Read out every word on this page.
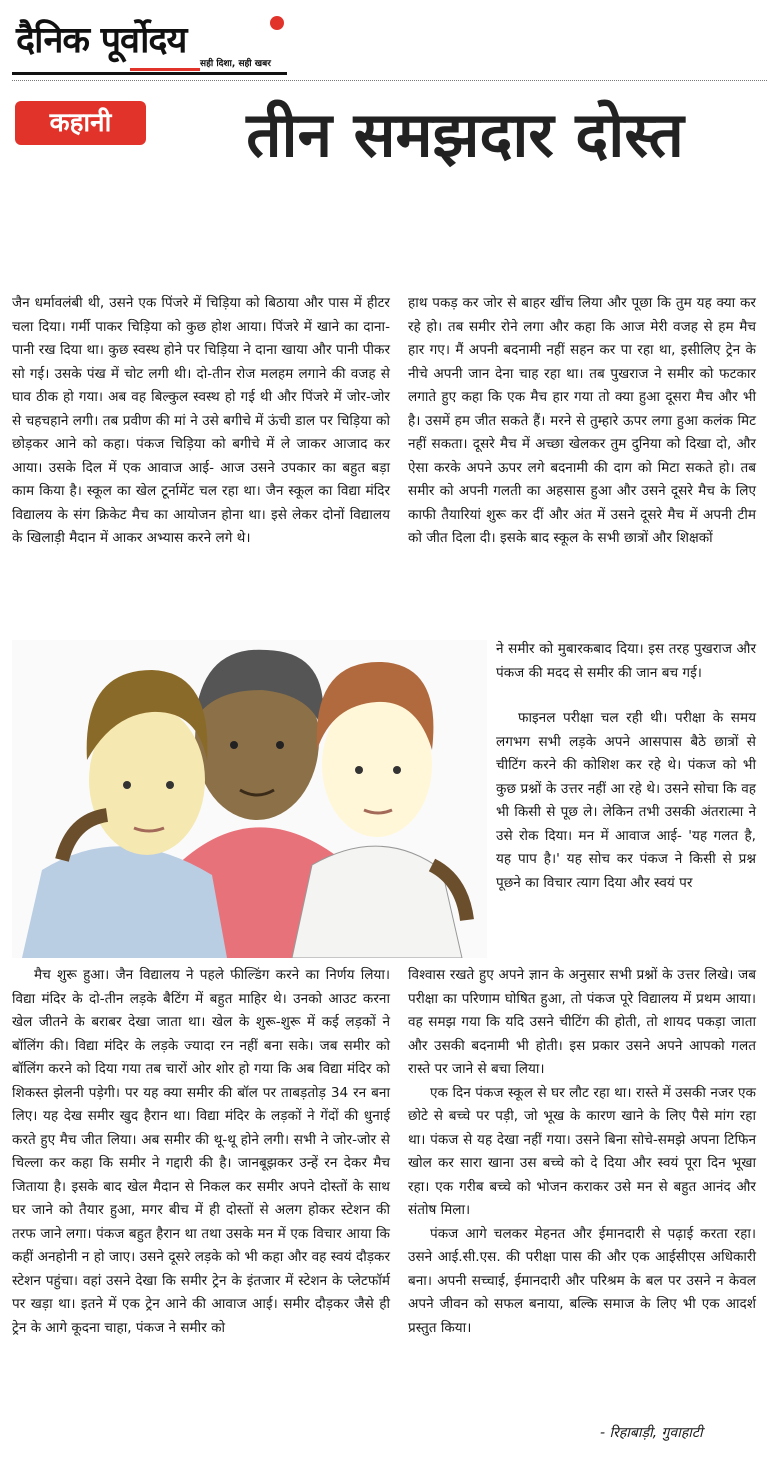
दैनिक पूर्वोदय
सही दिशा, सही खबर
कहानी	तीन समझदार दोस्त

जैन धर्मावलंबी थी, उसने एक पिंजरे में चिड़िया को बिठाया और पास में हीटर चला दिया। गर्मी पाकर चिड़िया को कुछ होश आया। पिंजरे में खाने का दाना-पानी रख दिया था। कुछ स्वस्थ होने पर चिड़िया ने दाना खाया और पानी पीकर सो गई। उसके पंख में चोट लगी थी। दो-तीन रोज मलहम लगाने की वजह से घाव ठीक हो गया। अब वह बिल्कुल स्वस्थ हो गई थी और पिंजरे में जोर-जोर से चहचहाने लगी। तब प्रवीण की मां ने उसे बगीचे में ऊंची डाल पर चिड़िया को छोड़कर आने को कहा। पंकज चिड़िया को बगीचे में ले जाकर आजाद कर आया। उसके दिल में एक आवाज आई- आज उसने उपकार का बहुत बड़ा काम किया है। स्कूल का खेल टूर्नामेंट चल रहा था। जैन स्कूल का विद्या मंदिर विद्यालय के संग क्रिकेट मैच का आयोजन होना था। इसे लेकर दोनों विद्यालय के खिलाड़ी मैदान में आकर अभ्यास करने लगे थे।

मैच शुरू हुआ। जैन विद्यालय ने पहले फील्डिंग करने का निर्णय लिया। विद्या मंदिर के दो-तीन लड़के बैटिंग में बहुत माहिर थे। उनको आउट करना खेल जीतने के बराबर देखा जाता था। खेल के शुरू-शुरू में कई लड़कों ने बॉलिंग की। विद्या मंदिर के लड़के ज्यादा रन नहीं बना सके। जब समीर को बॉलिंग करने को दिया गया तब चारों ओर शोर हो गया कि अब विद्या मंदिर को शिकस्त झेलनी पड़ेगी। पर यह क्या समीर की बॉल पर ताबड़तोड़ 34 रन बना लिए। यह देख समीर खुद हैरान था। विद्या मंदिर के लड़कों ने गेंदों की धुनाई करते हुए मैच जीत लिया। अब समीर की थू-थू होने लगी। सभी ने जोर-जोर से चिल्ला कर कहा कि समीर ने गद्दारी की है। जानबूझकर उन्हें रन देकर मैच जिताया है। इसके बाद खेल मैदान से निकल कर समीर अपने दोस्तों के साथ घर जाने को तैयार हुआ, मगर बीच में ही दोस्तों से अलग होकर स्टेशन की तरफ जाने लगा। पंकज बहुत हैरान था तथा उसके मन में एक विचार आया कि कहीं अनहोनी न हो जाए। उसने दूसरे लड़के को भी कहा और वह स्वयं दौड़कर स्टेशन पहुंचा। वहां उसने देखा कि समीर ट्रेन के इंतजार में स्टेशन के प्लेटफॉर्म पर खड़ा था। इतने में एक ट्रेन आने की आवाज आई। समीर दौड़कर जैसे ही ट्रेन के आगे कूदना चाहा, पंकज ने समीर को

हाथ पकड़ कर जोर से बाहर खींच लिया और पूछा कि तुम यह क्या कर रहे हो। तब समीर रोने लगा और कहा कि आज मेरी वजह से हम मैच हार गए। मैं अपनी बदनामी नहीं सहन कर पा रहा था, इसीलिए ट्रेन के नीचे अपनी जान देना चाह रहा था। तब पुखराज ने समीर को फटकार लगाते हुए कहा कि एक मैच हार गया तो क्या हुआ दूसरा मैच और भी है। उसमें हम जीत सकते हैं। मरने से तुम्हारे ऊपर लगा हुआ कलंक मिट नहीं सकता। दूसरे मैच में अच्छा खेलकर तुम दुनिया को दिखा दो, और ऐसा करके अपने ऊपर लगे बदनामी की दाग को मिटा सकते हो। तब समीर को अपनी गलती का अहसास हुआ और उसने दूसरे मैच के लिए काफी तैयारियां शुरू कर दीं और अंत में उसने दूसरे मैच में अपनी टीम को जीत दिला दी। इसके बाद स्कूल के सभी छात्रों और शिक्षकों

ने समीर को मुबारकबाद दिया। इस तरह पुखराज और पंकज की मदद से समीर की जान बच गई।

फाइनल परीक्षा चल रही थी। परीक्षा के समय लगभग सभी लड़के अपने आसपास बैठे छात्रों से चीटिंग करने की कोशिश कर रहे थे। पंकज को भी कुछ प्रश्नों के उत्तर नहीं आ रहे थे। उसने सोचा कि वह भी किसी से पूछ ले। लेकिन तभी उसकी अंतरात्मा ने उसे रोक दिया। मन में आवाज आई- 'यह गलत है, यह पाप है।' यह सोच कर पंकज ने किसी से प्रश्न पूछने का विचार त्याग दिया और स्वयं पर

विश्वास रखते हुए अपने ज्ञान के अनुसार सभी प्रश्नों के उत्तर लिखे। जब परीक्षा का परिणाम घोषित हुआ, तो पंकज पूरे विद्यालय में प्रथम आया। वह समझ गया कि यदि उसने चीटिंग की होती, तो शायद पकड़ा जाता और उसकी बदनामी भी होती। इस प्रकार उसने अपने आपको गलत रास्ते पर जाने से बचा लिया।

एक दिन पंकज स्कूल से घर लौट रहा था। रास्ते में उसकी नजर एक छोटे से बच्चे पर पड़ी, जो भूख के कारण खाने के लिए पैसे मांग रहा था। पंकज से यह देखा नहीं गया। उसने बिना सोचे-समझे अपना टिफिन खोल कर सारा खाना उस बच्चे को दे दिया और स्वयं पूरा दिन भूखा रहा। एक गरीब बच्चे को भोजन कराकर उसे मन से बहुत आनंद और संतोष मिला।

पंकज आगे चलकर मेहनत और ईमानदारी से पढ़ाई करता रहा। उसने आई.सी.एस. की परीक्षा पास की और एक आईसीएस अधिकारी बना। अपनी सच्चाई, ईमानदारी और परिश्रम के बल पर उसने न केवल अपने जीवन को सफल बनाया, बल्कि समाज के लिए भी एक आदर्श प्रस्तुत किया।

- रिहाबाड़ी, गुवाहाटी
